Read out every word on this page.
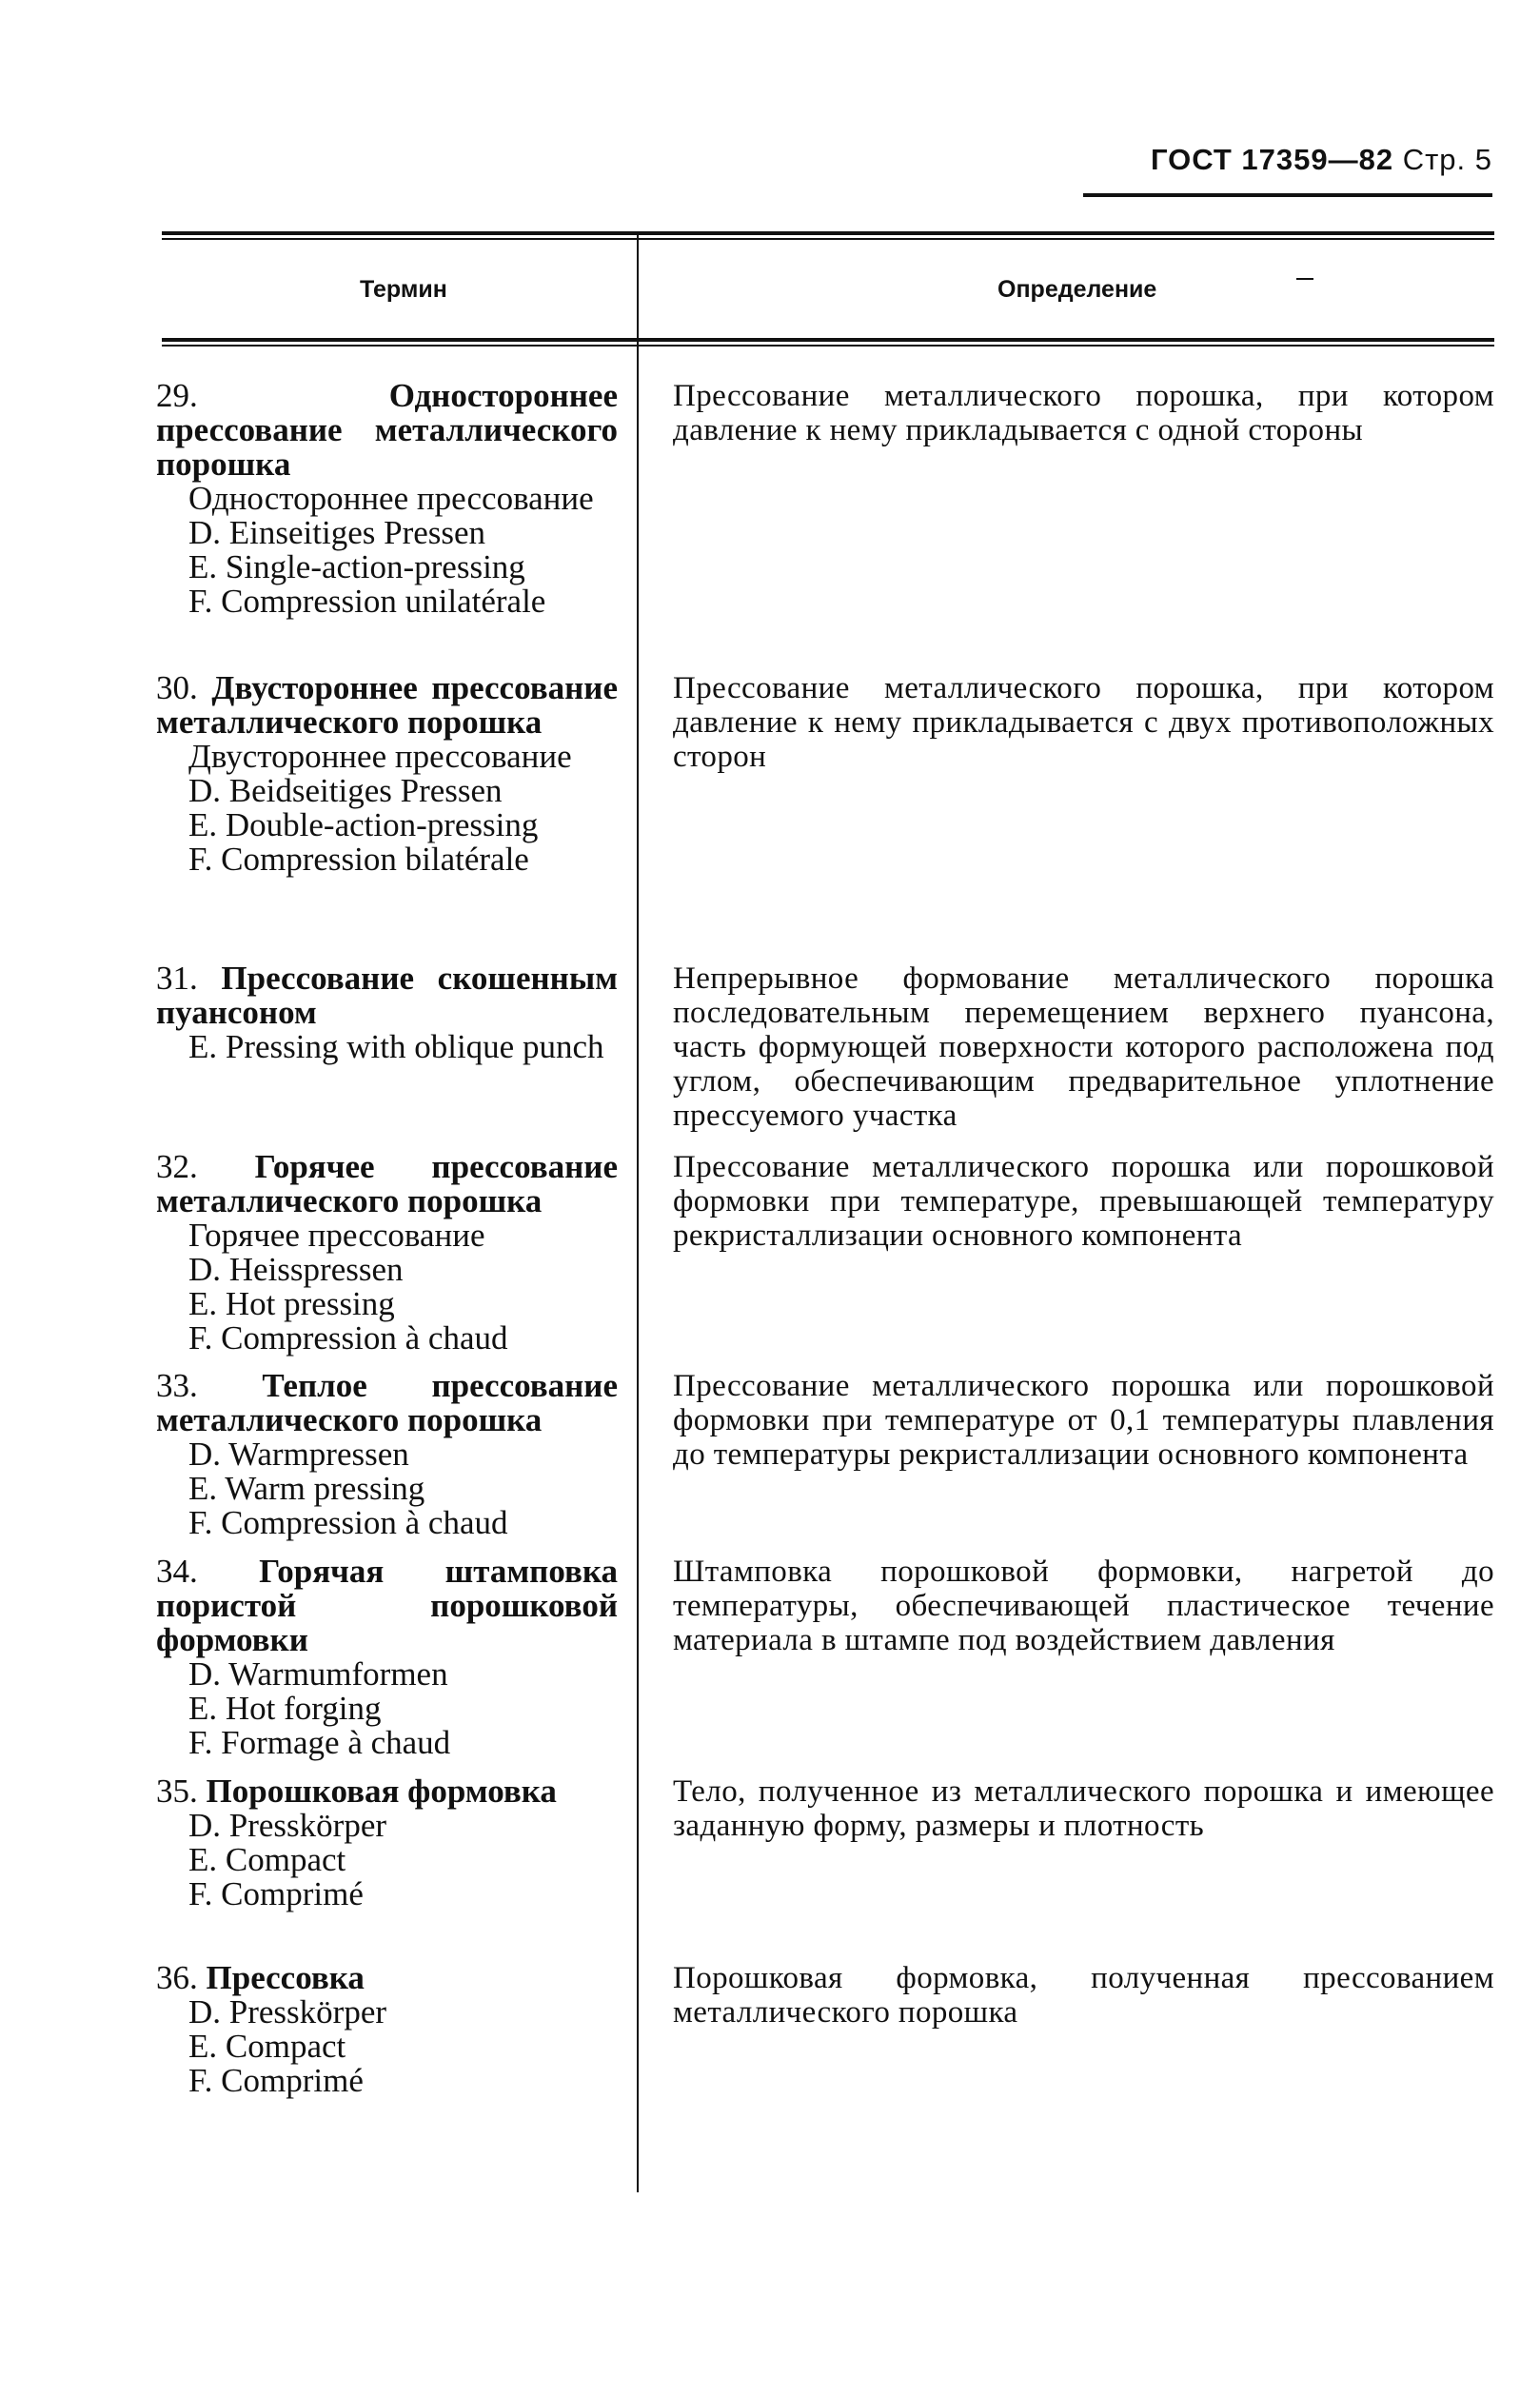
ГОСТ 17359—82 Стр. 5
Термин	Определение

29.	Одностороннее прессование металлического порошка

Одностороннее прессование

D. Einseitiges Pressen

E. Single-action-pressing

F. Compression unilatérale

Прессование металлического порошка, при котором давление к нему прикладывается с одной стороны

30. Двустороннее прессование металлического порошка

Двустороннее прессование

D. Beidseitiges Pressen

E. Double-action-pressing

F. Compression bilatérale

Прессование металлического порошка, при котором давление к нему прикладывается с двух противоположных сторон

31. Прессование скошенным пуансоном

E. Pressing with oblique punch

Непрерывное формование металлического порошка последовательным перемещением верхнего пуансона, часть формующей поверхности которого расположена под углом, обеспечивающим предварительное уплотнение прессуемого участка

32. Горячее прессование металлического порошка

Горячее прессование

D. Heisspressen

E. Hot pressing

F. Compression à chaud

Прессование металлического порошка или порошковой формовки при температуре, превышающей температуру рекристаллизации основного компонента

33. Теплое прессование металлического порошка

D. Warmpressen

E. Warm pressing

F. Compression à chaud

Прессование металлического порошка или порошковой формовки при температуре от 0,1 температуры плавления до температуры рекристаллизации основного компонента

34. Горячая штамповка пористой порошковой формовки

D. Warmumformen

E. Hot forging

F. Formage à chaud

Штамповка порошковой формовки, нагретой до температуры, обеспечивающей пластическое течение материала в штампе под воздействием давления

35. Порошковая формовка

D. Presskörper

E. Compact

F. Comprimé

Тело, полученное из металлического порошка и имеющее заданную форму, размеры и плотность

36. Прессовка

D. Presskörper

E. Compact

F. Comprimé

Порошковая формовка, полученная прессованием металлического порошка
